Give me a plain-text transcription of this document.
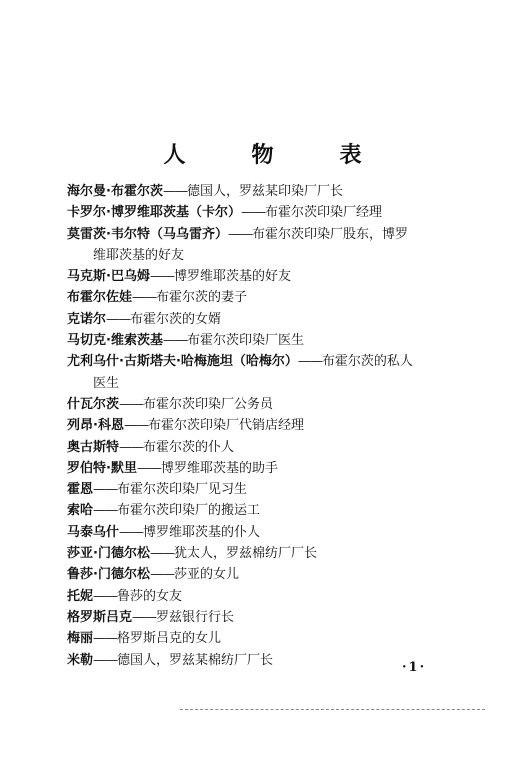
人　物　表
海尔曼·布霍尔茨——德国人，罗兹某印染厂厂长
卡罗尔·博罗维耶茨基（卡尔）——布霍尔茨印染厂经理
莫雷茨·韦尔特（马乌雷齐）——布霍尔茨印染厂股东，博罗
维耶茨基的好友
马克斯·巴乌姆——博罗维耶茨基的好友
布霍尔佐娃——布霍尔茨的妻子
克诺尔——布霍尔茨的女婿
马切克·维索茨基——布霍尔茨印染厂医生
尤利乌什·古斯塔夫·哈梅施坦（哈梅尔）——布霍尔茨的私人
医生
什瓦尔茨——布霍尔茨印染厂公务员
列昂·科恩——布霍尔茨印染厂代销店经理
奥古斯特——布霍尔茨的仆人
罗伯特·默里——博罗维耶茨基的助手
霍恩——布霍尔茨印染厂见习生
索哈——布霍尔茨印染厂的搬运工
马泰乌什——博罗维耶茨基的仆人
莎亚·门德尔松——犹太人，罗兹棉纺厂厂长
鲁莎·门德尔松——莎亚的女儿
托妮——鲁莎的女友
格罗斯吕克——罗兹银行行长
梅丽——格罗斯吕克的女儿
米勒——德国人，罗兹某棉纺厂厂长	·1·
